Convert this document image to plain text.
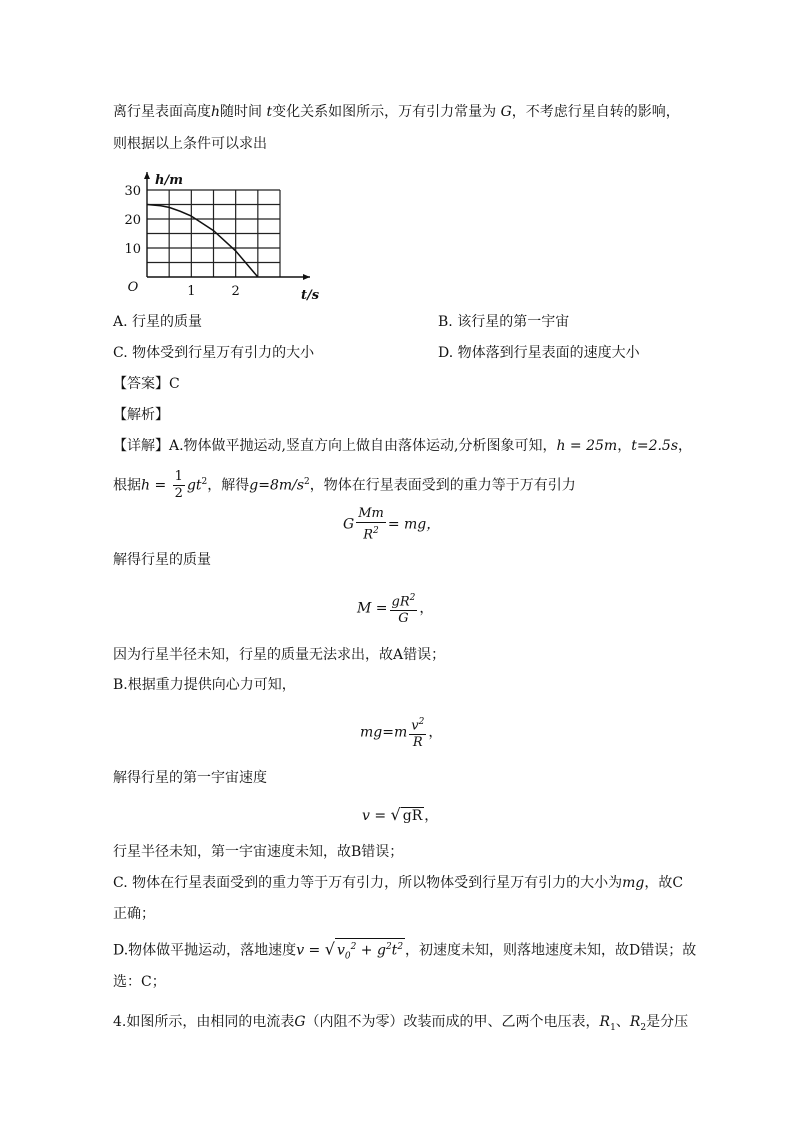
离行星表面高度h随时间 t变化关系如图所示，万有引力常量为 G，不考虑行星自转的影响，
则根据以上条件可以求出
10
20
30
1	2
O
h/m
t/s
A. 行星的质量	B. 该行星的第一宇宙
C. 物体受到行星万有引力的大小	D. 物体落到行星表面的速度大小
【答案】C
【解析】
【详解】A.物体做平抛运动,竖直方向上做自由落体运动,分析图象可知，h = 25m，t=2.5s，
根据$h = \frac{1}{2} gt^2$，解得$g=8m/s^2$，物体在行星表面受到的重力等于万有引力
G $\frac{Mm}{R^2}$ = mg，
解得行星的质量
$M = \frac{gR^2}{G}$ ，
因为行星半径未知，行星的质量无法求出，故A错误；
B.根据重力提供向心力可知，
$mg=m \frac{v^2}{R}$ ，
解得行星的第一宇宙速度
v = √ gR ，
行星半径未知，第一宇宙速度未知，故B错误；
C. 物体在行星表面受到的重力等于万有引力，所以物体受到行星万有引力的大小为mg，故C
正确；
D.物体做平抛运动，落地速度v = √ $v_0^2 + g^2t^2$ ，初速度未知，则落地速度未知，故D错误；故
选：C；
4.如图所示，由相同的电流表G（内阻不为零）改装而成的甲、乙两个电压表，$R_1$、$R_2$是分压
